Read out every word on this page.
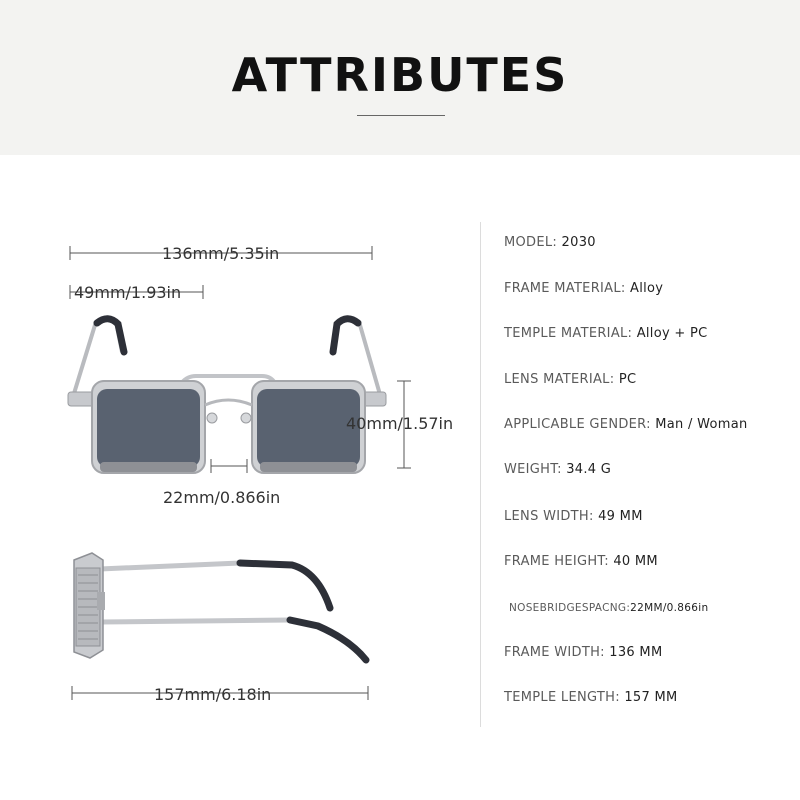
ATTRIBUTES
136mm/5.35in
49mm/1.93in
40mm/1.57in
22mm/0.866in
157mm/6.18in
MODEL: 2030
FRAME MATERIAL: Alloy
TEMPLE MATERIAL: Alloy + PC
LENS MATERIAL: PC
APPLICABLE GENDER: Man / Woman
WEIGHT: 34.4 G
LENS WIDTH: 49 MM
FRAME HEIGHT: 40 MM
NOSEBRIDGESPACNG:22MM/0.866in
FRAME WIDTH: 136 MM
TEMPLE LENGTH: 157 MM
